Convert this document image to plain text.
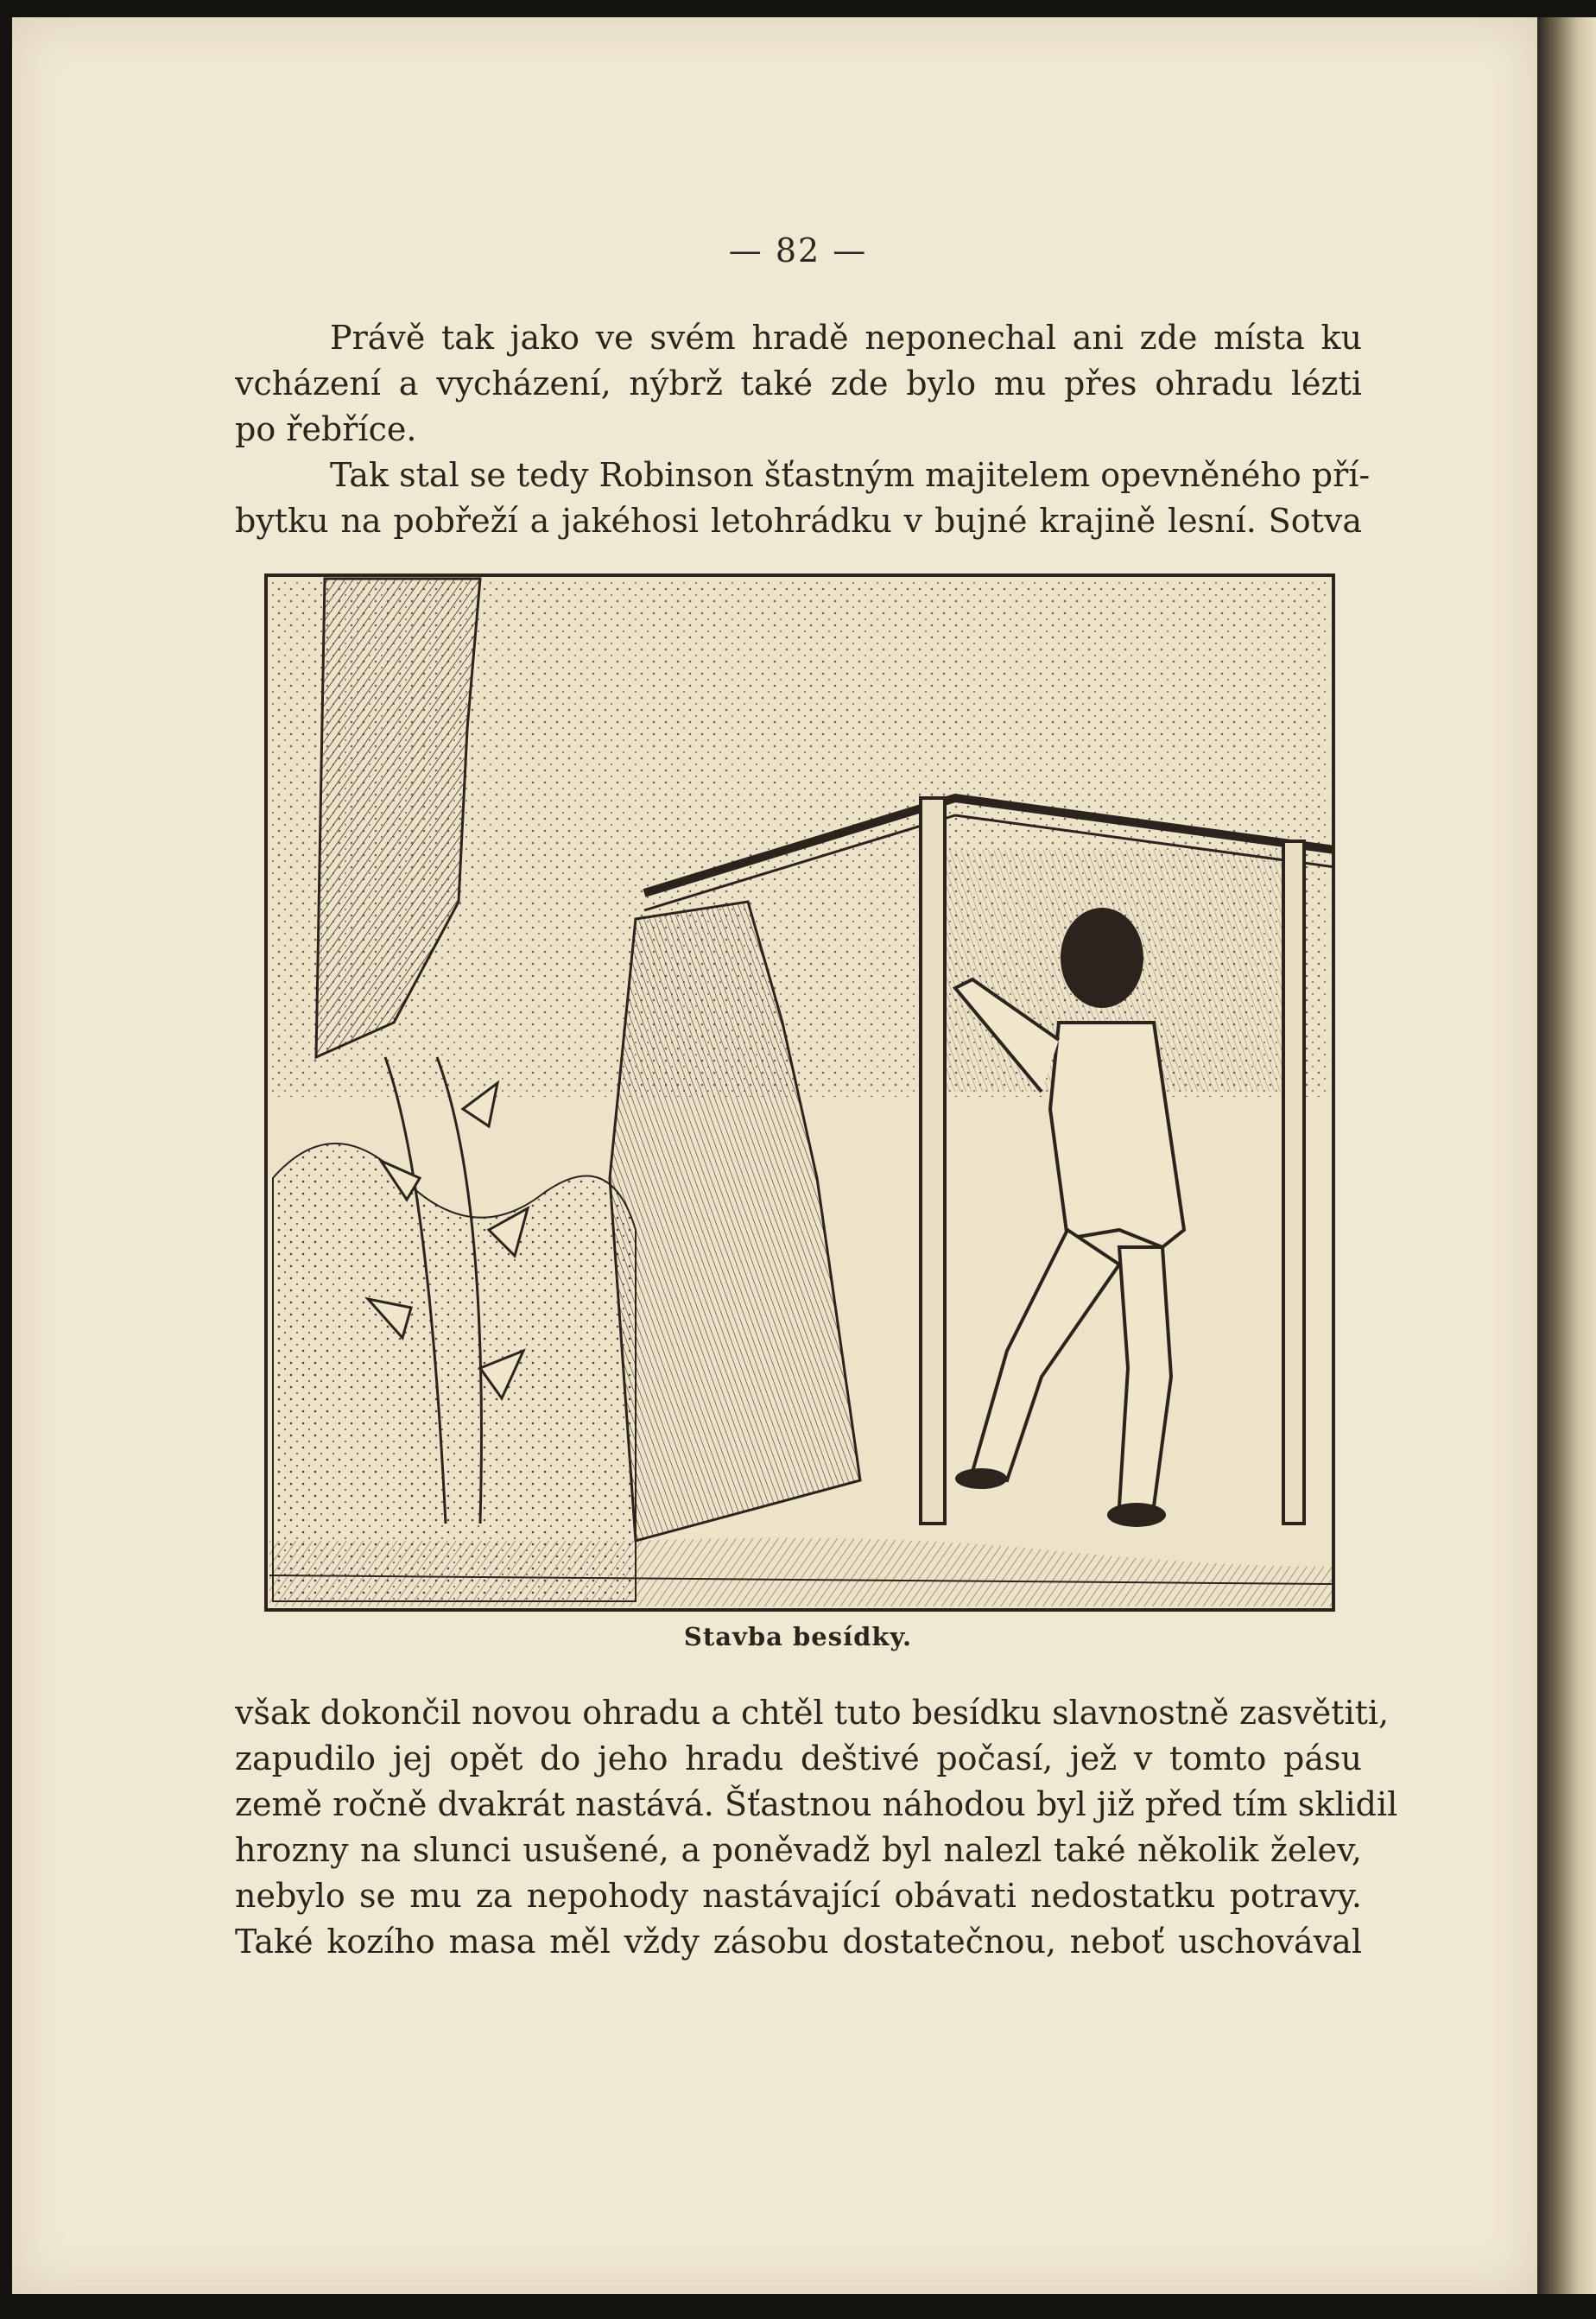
— 82 —
Právě tak jako ve svém hradě neponechal ani zde místa ku
vcházení a vycházení, nýbrž také zde bylo mu přes ohradu lézti
po řebříce.
Tak stal se tedy Robinson šťastným majitelem opevněného pří-
bytku na pobřeží a jakéhosi letohrádku v bujné krajině lesní. Sotva
Stavba besídky.
však dokončil novou ohradu a chtěl tuto besídku slavnostně zasvětiti,
zapudilo jej opět do jeho hradu deštivé počasí, jež v tomto pásu
země ročně dvakrát nastává. Šťastnou náhodou byl již před tím sklidil
hrozny na slunci usušené, a poněvadž byl nalezl také několik želev,
nebylo se mu za nepohody nastávající obávati nedostatku potravy.
Také kozího masa měl vždy zásobu dostatečnou, neboť uschovával
